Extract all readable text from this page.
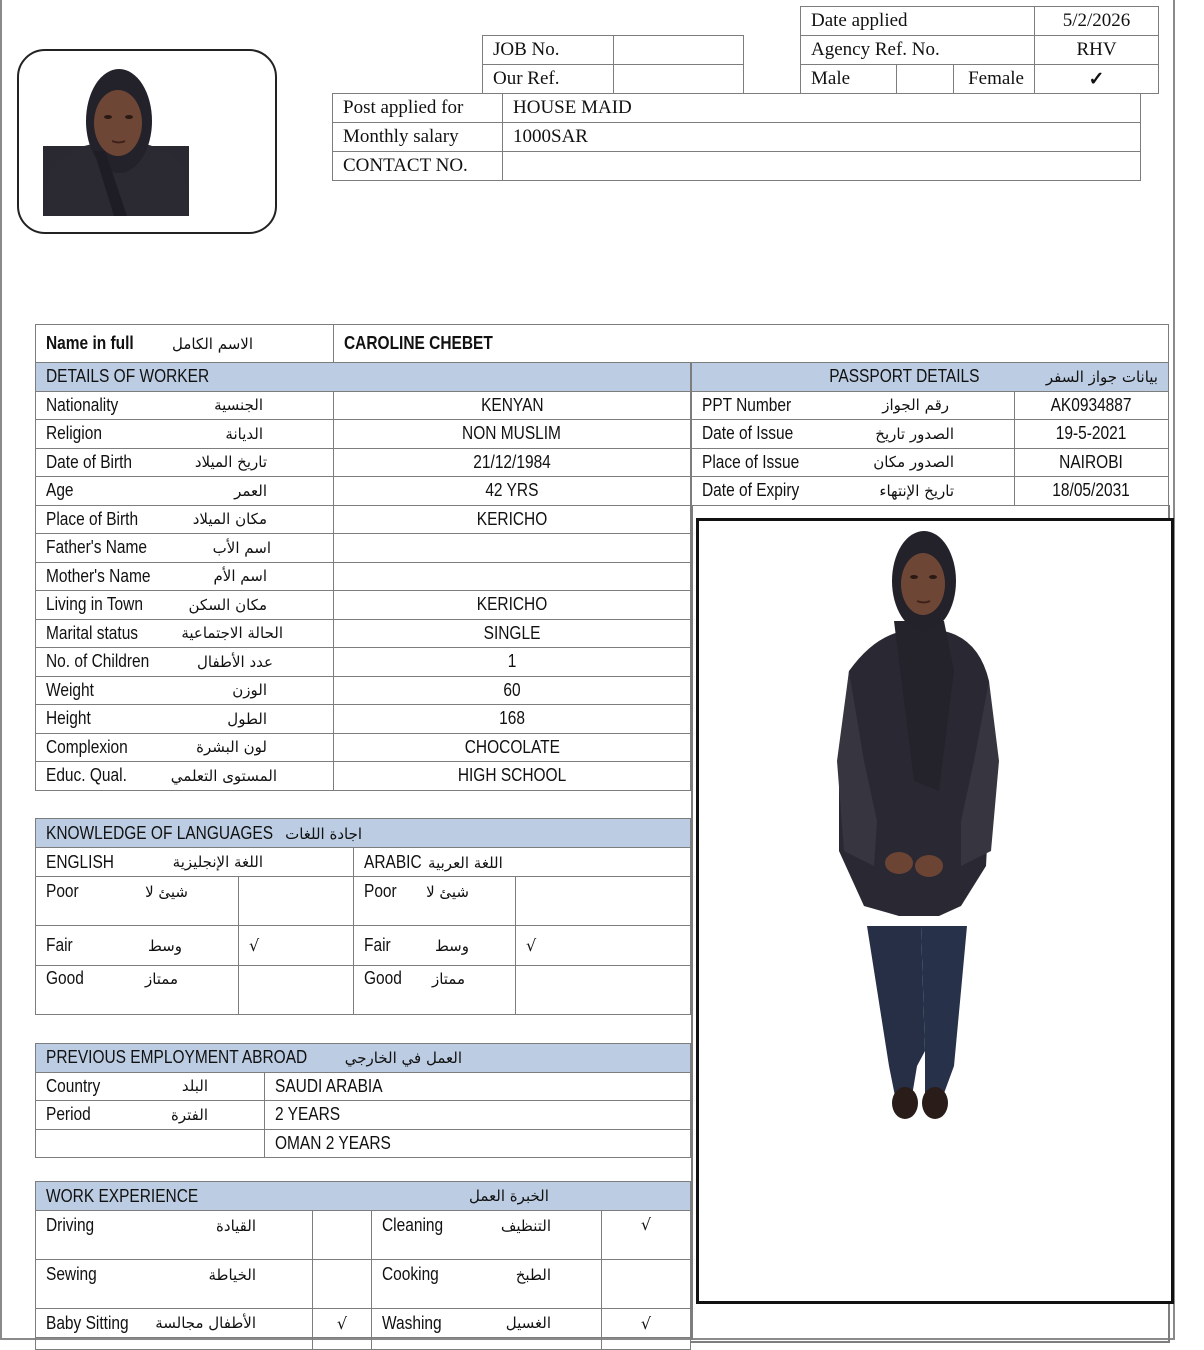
Date applied			5/2/2026
Agency Ref. No.			RHV
Male		Female	✓
JOB No.	
Our Ref.	
Post applied for	HOUSE MAID
Monthly salary	1000SAR
CONTACT NO.	
Name in full	الاسم الكامل	CAROLINE CHEBET
DETAILS OF WORKER	

Nationality الجنسية	KENYAN

Religion الديانة	NON MUSLIM

Date of Birth تاريخ الميلاد	21/12/1984

Age العمر	42 YRS

Place of Birth مكان الميلاد	KERICHO

Father's Name اسم الأب	

Mother's Name اسم الأم	

Living in Town مكان السكن	KERICHO

Marital status الحالة الاجتماعية	SINGLE

No. of Children عدد الأطفال	1

Weight الوزن	60

Height الطول	168

Complexion لون البشرة	CHOCOLATE

Educ. Qual. المستوى التعلمي	HIGH SCHOOL
PASSPORT DETAILS بيانات جواز السفر	

PPT Number رقم الجواز	AK0934887

Date of Issue الصدور تاريخ	19-5-2021

Place of Issue الصدور مكان	NAIROBI

Date of Expiry تاريخ الإنتهاء	18/05/2031
KNOWLEDGE OF LANGUAGES اجادة اللغات			

ENGLISH اللغة الإنجليزية		ARABIC اللغة العربية	

Poor شيئ لا		Poor شيئ لا	

Fair وسط	√	Fair وسط	√

Good ممتاز		Good ممتاز	

PREVIOUS EMPLOYMENT ABROAD العمل في الخارجي	

Country البلد	SAUDI ARABIA

Period الفترة	2 YEARS

	OMAN 2 YEARS
WORK EXPERIENCE الخبرة العمل			

Driving القيادة		Cleaning التنظيف	√

Sewing الخياطة		Cooking الطبخ	

Baby Sitting الأطفال مجالسة	√	Washing الغسيل	√
